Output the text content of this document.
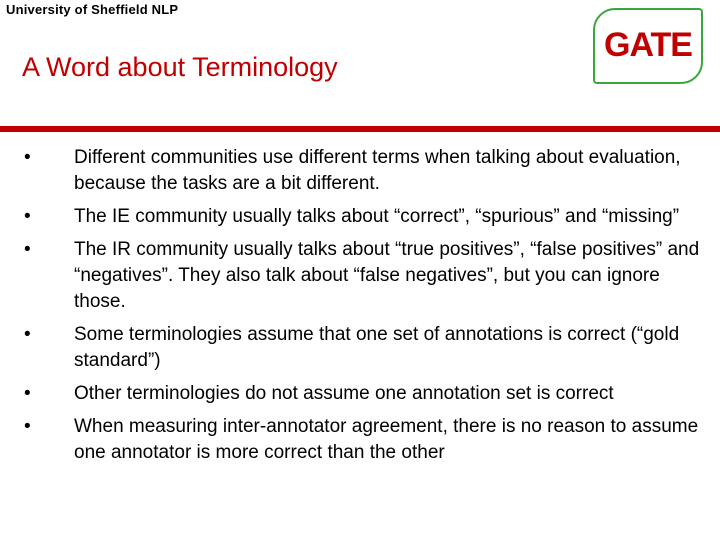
University of Sheffield NLP
A Word about Terminology
GATE
• Different communities use different terms when talking about evaluation, because the tasks are a bit different.
• The IE community usually talks about “correct”, “spurious” and “missing”
• The IR community usually talks about “true positives”, “false positives” and “negatives”. They also talk about “false negatives”, but you can ignore those.
• Some terminologies assume that one set of annotations is correct (“gold standard”)
• Other terminologies do not assume one annotation set is correct
• When measuring inter-annotator agreement, there is no reason to assume one annotator is more correct than the other
